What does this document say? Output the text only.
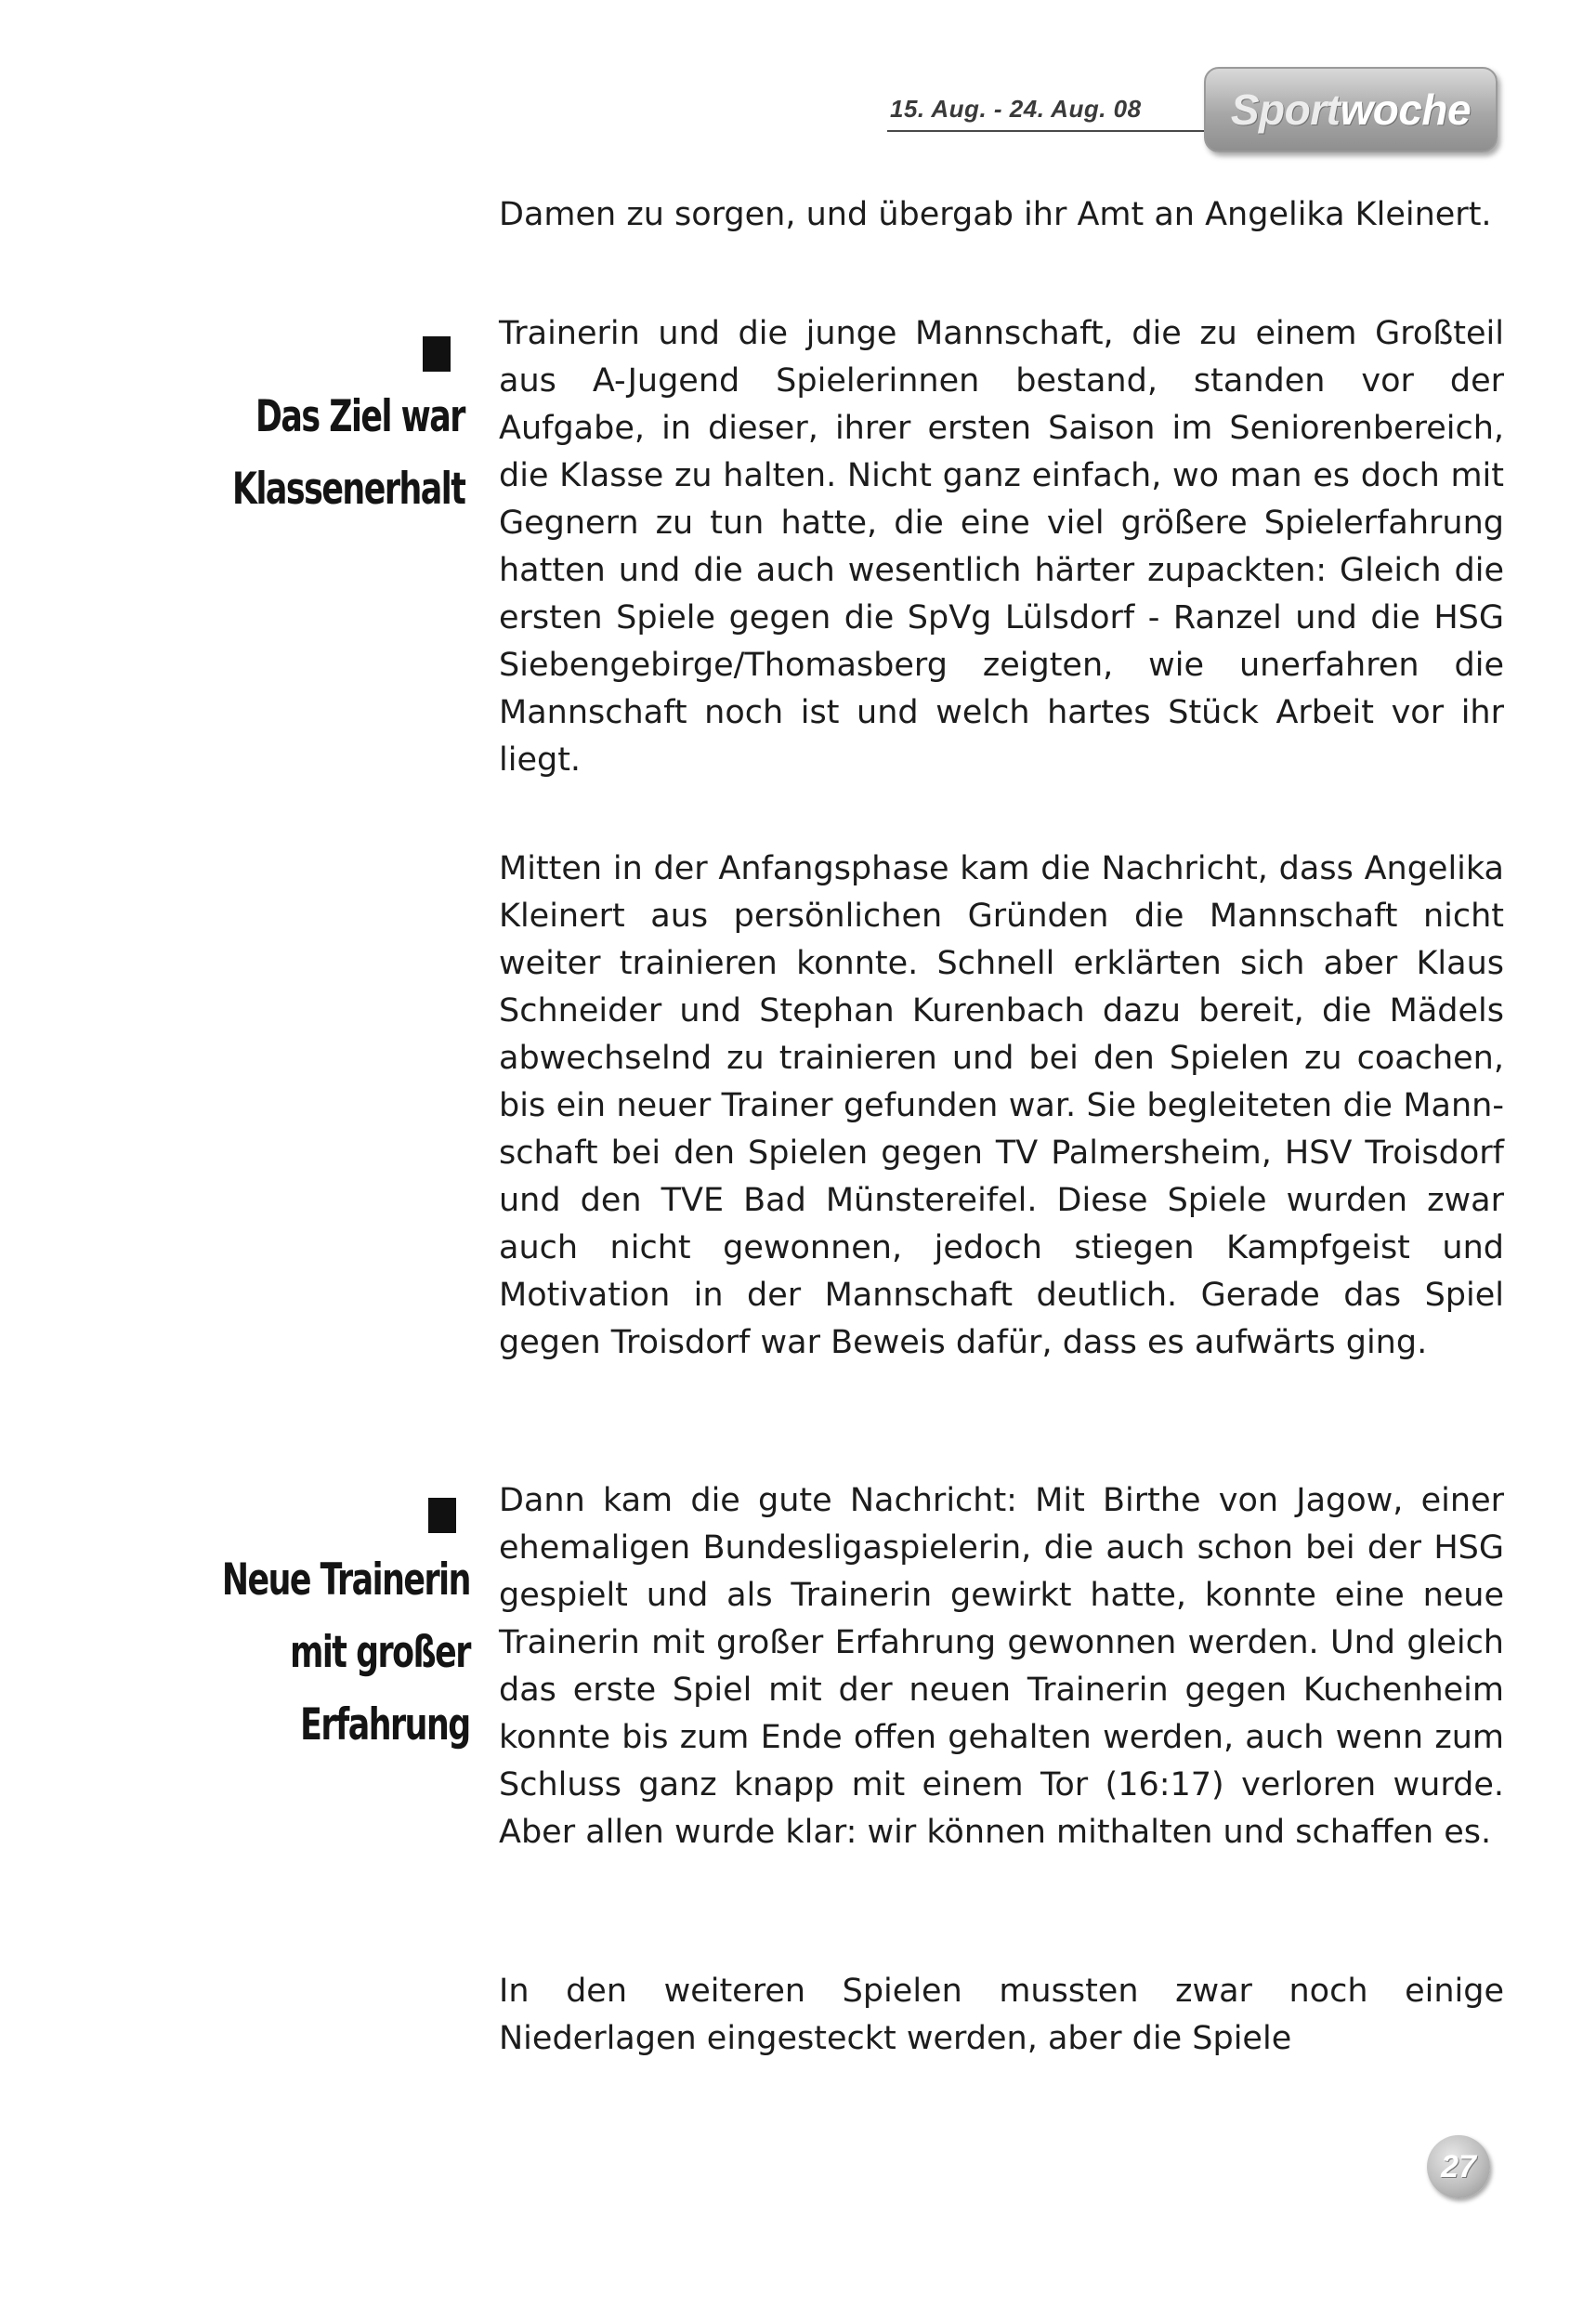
15. Aug. - 24. Aug. 08 Sport woche
Das Ziel war
Klassenerhalt
Neue Trainerin
mit großer
Erfahrung

Damen zu sorgen, und übergab ihr Amt an Angelika Kleinert.

Trainerin und die junge Mannschaft, die zu einem Großteil aus A-Jugend Spielerinnen bestand, standen vor der Aufgabe, in dieser, ihrer ersten Saison im Seniorenbereich, die Klasse zu halten. Nicht ganz einfach, wo man es doch mit Gegnern zu tun hatte, die eine viel größere Spielerfahrung hatten und die auch wesentlich härter zupackten: Gleich die ersten Spiele gegen die SpVg Lülsdorf - Ranzel und die HSG Siebengebirge/Thomasberg zeigten, wie unerfahren die Mannschaft noch ist und welch hartes Stück Arbeit vor ihr liegt.

Mitten in der Anfangsphase kam die Nachricht, dass Angelika Kleinert aus persönlichen Gründen die Mannschaft nicht weiter trainieren konnte. Schnell erklärten sich aber Klaus Schneider und Stephan Kurenbach dazu bereit, die Mädels abwechselnd zu trainieren und bei den Spielen zu coachen, bis ein neuer Trainer gefunden war. Sie begleiteten die Mannschaft bei den Spielen gegen TV Palmersheim, HSV Troisdorf und den TVE Bad Münstereifel. Diese Spiele wurden zwar auch nicht gewonnen, jedoch stiegen Kampfgeist und Motivation in der Mannschaft deutlich. Gerade das Spiel gegen Troisdorf war Beweis dafür, dass es aufwärts ging.

Dann kam die gute Nachricht: Mit Birthe von Jagow, einer ehemaligen Bundesligaspielerin, die auch schon bei der HSG gespielt und als Trainerin gewirkt hatte, konnte eine neue Trainerin mit großer Erfahrung gewonnen werden. Und gleich das erste Spiel mit der neuen Trainerin gegen Kuchenheim konnte bis zum Ende offen gehalten werden, auch wenn zum Schluss ganz knapp mit einem Tor (16:17) verloren wurde. Aber allen wurde klar: wir können mithalten und schaffen es.

In den weiteren Spielen mussten zwar noch einige Niederlagen eingesteckt werden, aber die Spiele

27
